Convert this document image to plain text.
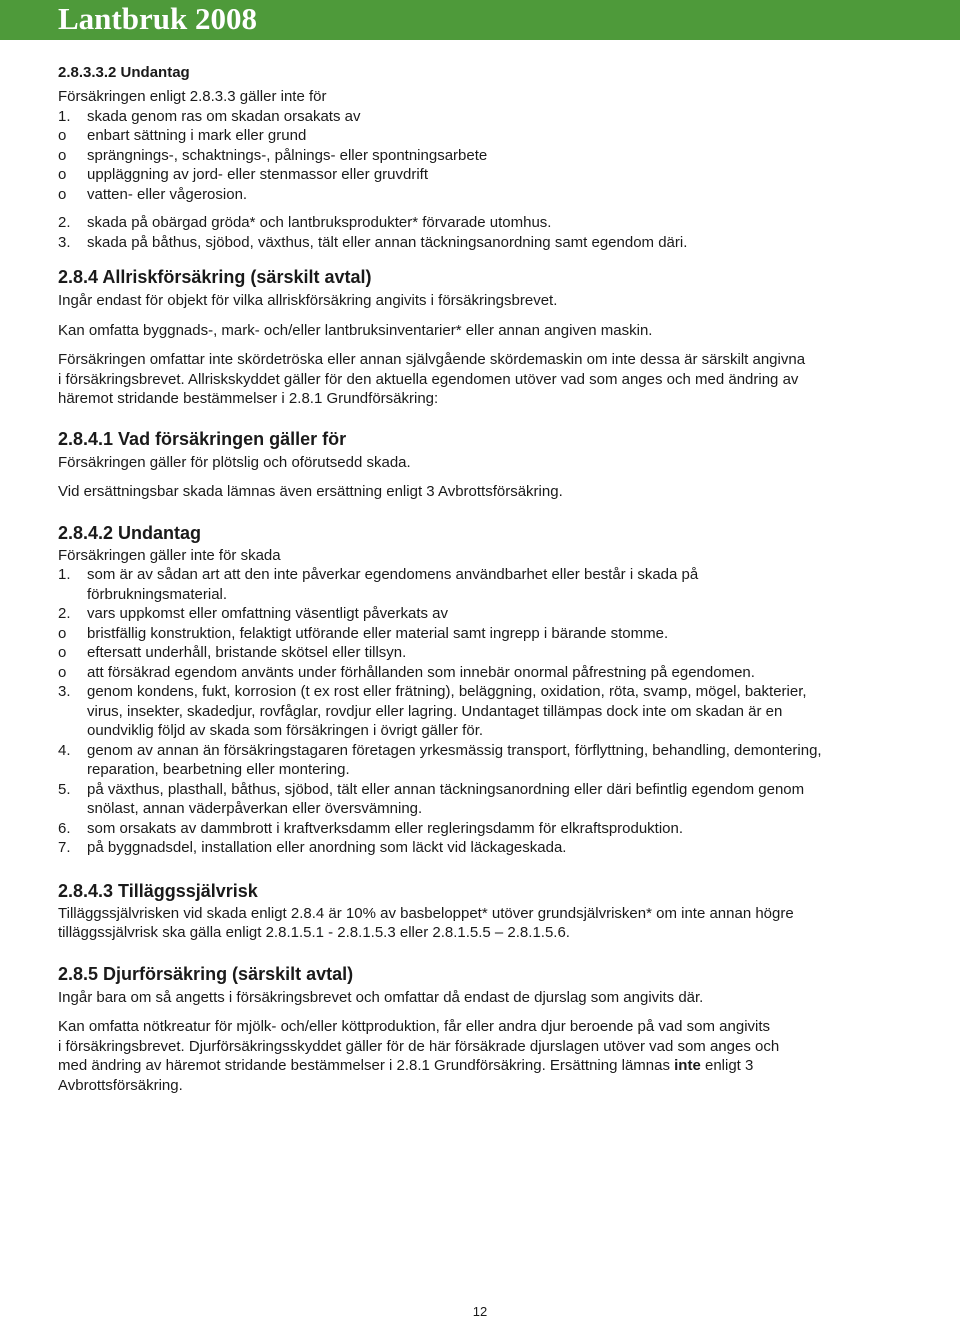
Lantbruk 2008

2.8.3.3.2 Undantag

Försäkringen enligt 2.8.3.3 gäller inte för

1.	skada genom ras om skadan orsakats av
o	enbart sättning i mark eller grund
o	sprängnings-, schaktnings-, pålnings- eller spontningsarbete
o	uppläggning av jord- eller stenmassor eller gruvdrift
o	vatten- eller vågerosion.
2.	skada på obärgad gröda* och lantbruksprodukter* förvarade utomhus.
3.	skada på båthus, sjöbod, växthus, tält eller annan täckningsanordning samt egendom däri.

2.8.4 Allriskförsäkring (särskilt avtal)

Ingår endast för objekt för vilka allriskförsäkring angivits i försäkringsbrevet.

Kan omfatta byggnads-, mark- och/eller lantbruksinventarier* eller annan angiven maskin.

Försäkringen omfattar inte skördetröska eller annan självgående skördemaskin om inte dessa är särskilt angivna

i försäkringsbrevet. Allriskskyddet gäller för den aktuella egendomen utöver vad som anges och med ändring av

häremot stridande bestämmelser i 2.8.1 Grundförsäkring:

2.8.4.1 Vad försäkringen gäller för

Försäkringen gäller för plötslig och oförutsedd skada.

Vid ersättningsbar skada lämnas även ersättning enligt 3 Avbrottsförsäkring.

2.8.4.2 Undantag

Försäkringen gäller inte för skada

1.	som är av sådan art att den inte påverkar egendomens användbarhet eller består i skada på
förbrukningsmaterial.
2.	vars uppkomst eller omfattning väsentligt påverkats av
o	bristfällig konstruktion, felaktigt utförande eller material samt ingrepp i bärande stomme.
o	eftersatt underhåll, bristande skötsel eller tillsyn.
o	att försäkrad egendom använts under förhållanden som innebär onormal påfrestning på egendomen.
3.	genom kondens, fukt, korrosion (t ex rost eller frätning), beläggning, oxidation, röta, svamp, mögel, bakterier,
virus, insekter, skadedjur, rovfåglar, rovdjur eller lagring. Undantaget tillämpas dock inte om skadan är en
oundviklig följd av skada som försäkringen i övrigt gäller för.
4.	genom av annan än försäkringstagaren företagen yrkesmässig transport, förflyttning, behandling, demontering,
reparation, bearbetning eller montering.
5.	på växthus, plasthall, båthus, sjöbod, tält eller annan täckningsanordning eller däri befintlig egendom genom
snölast, annan väderpåverkan eller översvämning.
6.	som orsakats av dammbrott i kraftverksdamm eller regleringsdamm för elkraftsproduktion.
7.	på byggnadsdel, installation eller anordning som läckt vid läckageskada.

2.8.4.3 Tilläggssjälvrisk

Tilläggssjälvrisken vid skada enligt 2.8.4 är 10% av basbeloppet* utöver grundsjälvrisken* om inte annan högre

tilläggssjälvrisk ska gälla enligt 2.8.1.5.1 - 2.8.1.5.3 eller 2.8.1.5.5 – 2.8.1.5.6.

2.8.5 Djurförsäkring (särskilt avtal)

Ingår bara om så angetts i försäkringsbrevet och omfattar då endast de djurslag som angivits där.

Kan omfatta nötkreatur för mjölk- och/eller köttproduktion, får eller andra djur beroende på vad som angivits

i försäkringsbrevet. Djurförsäkringsskyddet gäller för de här försäkrade djurslagen utöver vad som anges och

med ändring av häremot stridande bestämmelser i 2.8.1 Grundförsäkring. Ersättning lämnas inte enligt 3

Avbrottsförsäkring.

12
